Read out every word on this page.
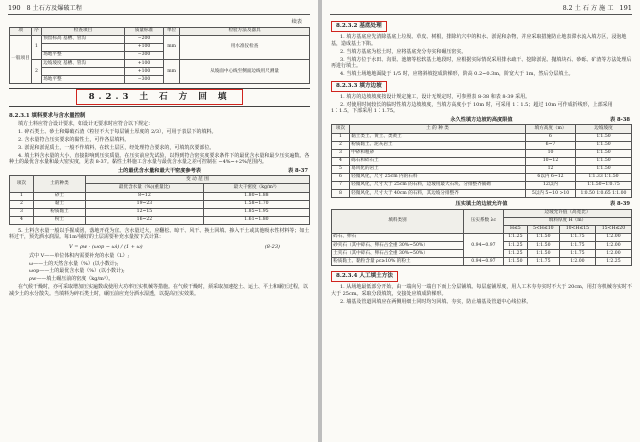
190 8 土石方及爆破工程
续表
项	序	检查项目	质量标准	单位	检验方法及器具
一般项目	1	预留标高 基槽、管沟	−200	mm	用水准仪检查
			+100		
		场地平整	−300		
	2	边坡坡度 基槽、管沟	+100	mm	从坡面中心线至侧面边线用尺测量
			+100		
		场地平整	−300		
8.2.3 土 石 方 回 填
8.2.3.1 填料要求与含水量控制

填方土料应符合设计要求，如设计无要求时应符合以下规定：

1. 碎石类土、砂土和爆破石渣（粒径不大于每层铺土厚度的 2/3），可用于表层下的填料。

2. 含水量符合压实要求的黏性土，可作各层填料。

3. 淤泥和淤泥质土，一般不作填料，在软土层区，经处理符合要求的，可填筑次要部位。

4. 填土料含水量的大小，直接影响到压实质量。在压实前应先试验，以得到符合密实度要求条件下的最优含水量和最少压实遍数。各种土的最优含水量和最大密实度，见表 8-37。黏性土料施工含水量与最优含水量之差可控制在 −4%~+2%范围内。

土的最优含水量和最大干密度参考表	表 8-37
项次	土的种类	变 动 范 围	
		最优含水量（%)(重量比)	最大干密度（kg/m³）
1	砂土	8~12	1.80~1.88
2	黏土	19~23	1.58~1.70
3	粉质黏土	12~15	1.85~1.95
4	粉土	16~22	1.61~1.80

5. 土料含水量一般以手握成团，落地开花为宜。含水量过大，应翻松、晾干、风干、换土回填、掺入干土或其他吸水性材料等；如土料过干，预先洒水润湿。每1m³铺好的土层需要补充水量按下式计算：

V = ρw · (ωop − ωi) / (1 + ω)	(8-23)

式中 V——单位体积内需要补充的水量（L）;

ω——土的天然含水量（%）(以小数计);

ωop——土的最优含水量（%）(以小数计);

ρw——填土碾压前的密度（kg/m³）。

在气候干燥时，亦可采取增加压实遍数或使用大功率压实机械等措施。在气候干燥时，须采取加速挖土、运土、平土和碾压过程，以减少土的水分散失。当填料为碎石类土时，碾压前应充分洒水湿透，以提高压实效果。

8.2 土 石 方 施 工 191
8.2.3.2 基底处理

1. 填方基底应先清除基底上垃圾、草皮、树根，排除坑穴中的积水、淤泥和杂物，并应采取措施防止地表滞水流入填方区，浸泡地基，造成基土下陷。

2. 当填方基底为松土时，应将基底充分夯实和碾压密实。

3. 当填方位于水田、沟渠、池塘等松软基土地段时，应根据实际情况采用排水疏干、挖除淤泥、抛填块石、砂砾、矿渣等方法处理后再进行填土。

4. 当填土场地地面陡于 1/5 时，应将斜坡挖成阶梯形，阶高 0.2~0.3m，阶宽大于 1m，然后分层填土。

8.2.3.3 填方边坡

1. 填方的边坡坡度按设计规定施工，设计无规定时，可参照表 8-38 和表 8-39 采用。

2. 对使用时间较长的临时性填方边坡坡度，当填方高度小于 10m 时，可采用 1∶1.5；超过 10m 可作成折线形，上部采用 1∶1.5，下部采用 1∶1.75。

永久性填方边坡的高度限值	表 8-38
项次	土 的 种 类	填方高度（m）	边坡坡度
1	黏土类土、黄土、类黄土	6	1∶1.50
2	粉质黏土、泥灰岩土	6~7	1∶1.50
3	中砂和粗砂	10	1∶1.50
4	砾石和碎石土	10~12	1∶1.50
5	易风化的岩土	12	1∶1.50
6	轻微风化，尺寸 25cm 内的石料	6以内 6~12	1∶1.33 1∶1.50
7	轻微风化，尺寸大于 25cm 的石料，边坡用最大石块、分排整齐铺砌	12以内	1∶1.50~1∶0.75
8	轻微风化，尺寸大于 40cm 的石料，其边坡分排整齐	5以内 5~10 >10	1∶0.50 1∶0.65 1∶1.00
压实填土的边坡允许值	表 8-39
填料类别	压实系数 λc	边坡允许值（高宽比）			
		填料厚度 H（m）			
		H≤5	5<H≤10	10<H≤15	15<H≤20
碎石、卵石	0.94~0.97	1∶1.25	1∶1.50	1∶1.75	1∶2.00
砂夹石（其中碎石、卵石占全重 30%~50%）		1∶1.25	1∶1.50	1∶1.75	1∶2.00
土夹石（其中碎石、卵石占全重 30%~50%）		1∶1.25	1∶1.50	1∶1.75	1∶2.00
粉质黏土、黏粒含量 ρc≥10% 的粉土	0.94~0.97	1∶1.50	1∶1.75	1∶2.00	1∶2.25
8.2.3.4 人工填土方法

1. 从场地最低部分开始，由一端向另一端自下而上分层铺填。每层虚铺厚度，用人工木夯夯实时不大于 20cm，用打夯机械夯实时不大于 25cm。采取分段填筑，交接处应填成阶梯形。

2. 墙基及管道回填应在两侧用细土同时均匀回填、夯实，防止墙基及管道中心线位移。
